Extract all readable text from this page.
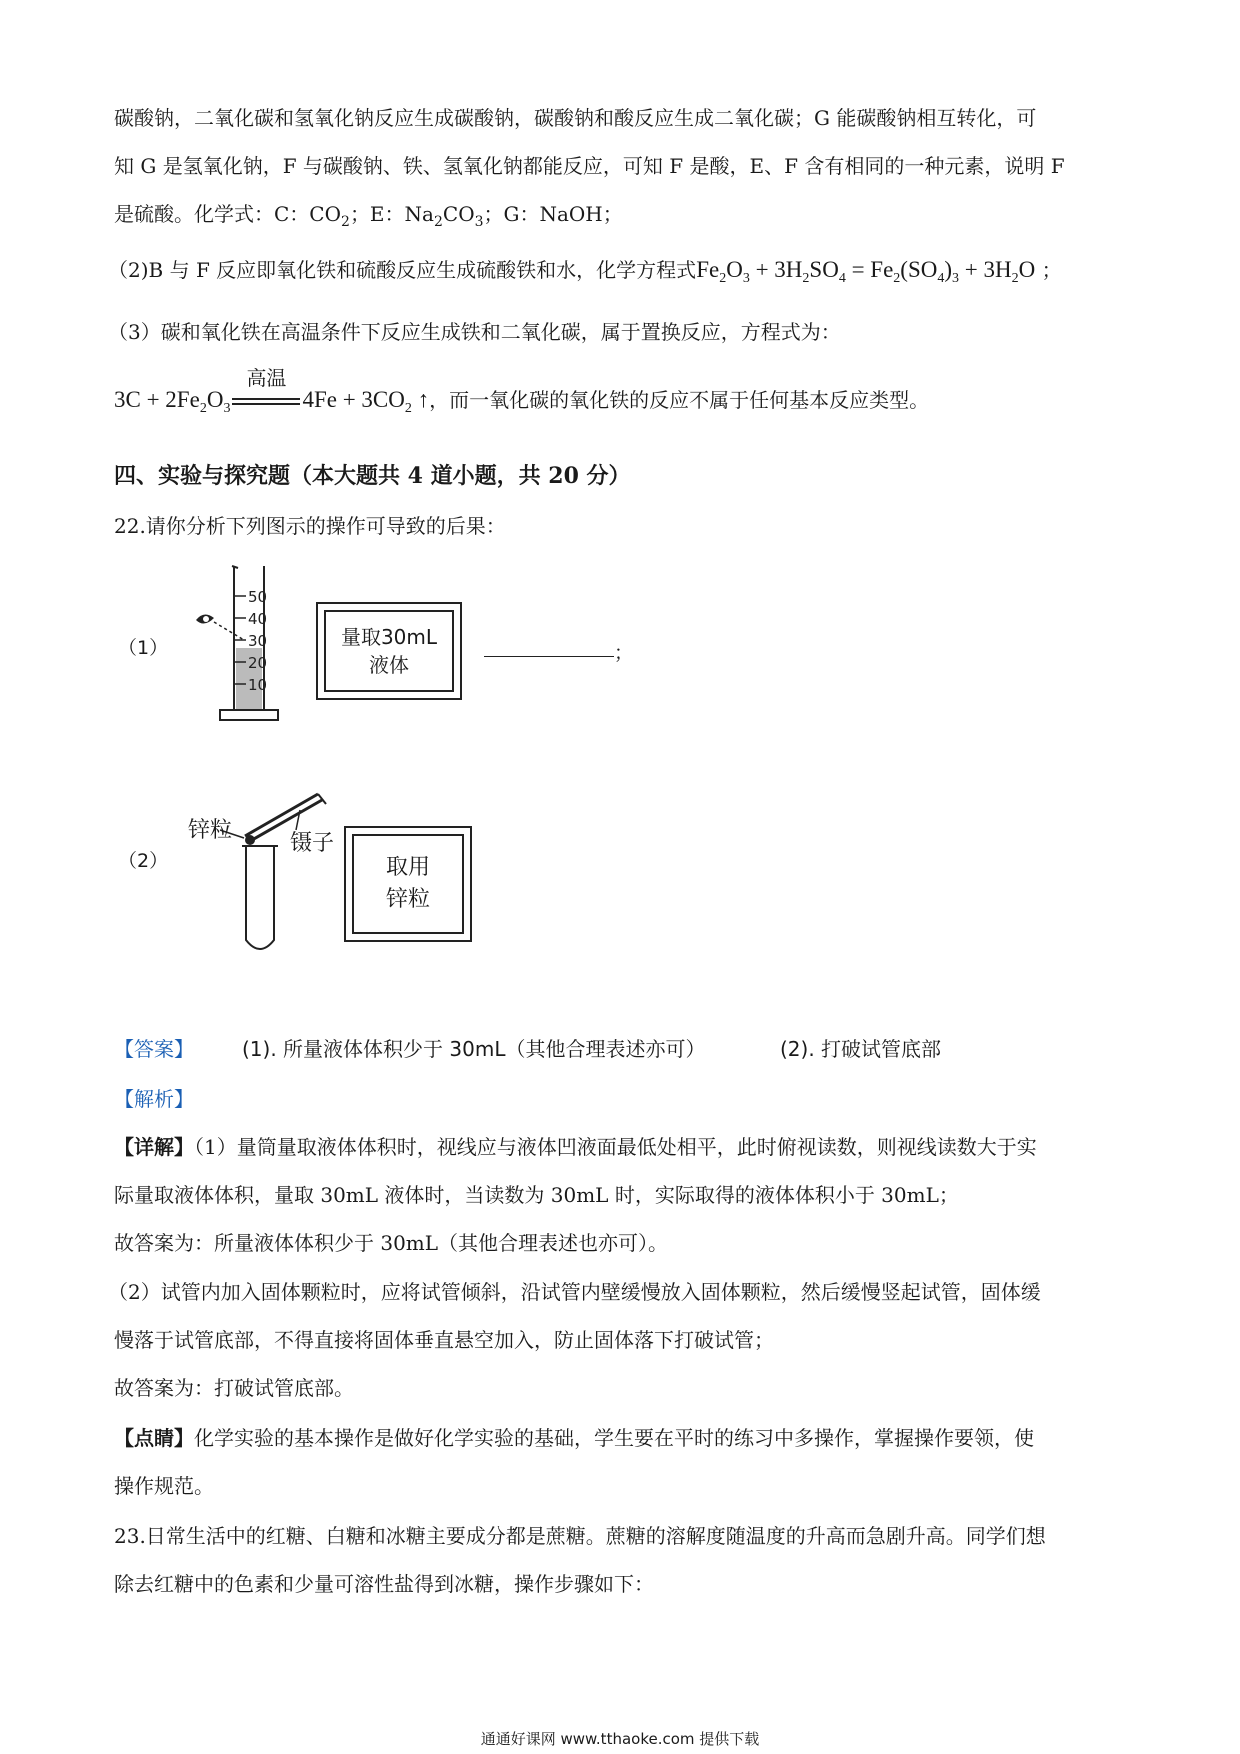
碳酸钠，二氧化碳和氢氧化钠反应生成碳酸钠，碳酸钠和酸反应生成二氧化碳；G 能碳酸钠相互转化，可
知 G 是氢氧化钠，F 与碳酸钠、铁、氢氧化钠都能反应，可知 F 是酸，E、F 含有相同的一种元素，说明 F
是硫酸。化学式：C：$CO_2$；E：$Na_2CO_3$；G：NaOH；
（2)B 与 F 反应即氧化铁和硫酸反应生成硫酸铁和水，化学方程式$Fe_2O_3 + 3H_2SO_4 = Fe_2(SO_4)_3 + 3H_2O$ ；
（3）碳和氧化铁在高温条件下反应生成铁和二氧化碳，属于置换反应，方程式为：
$3C + 2Fe_2O_3$
高温
$4Fe + 3CO_2$ ↑，而一氧化碳的氧化铁的反应不属于任何基本反应类型。
四、实验与探究题（本大题共 4 道小题，共 20 分）
22.请你分析下列图示的操作可导致的后果：
（1）
50
40
30
20
10
量取30mL
液体	；
（2）
锌粒
镊子
取用
锌粒
【答案】 (1). 所量液体体积少于 30mL（其他合理表述亦可）	(2). 打破试管底部
【解析】
【详解】（1）量筒量取液体体积时，视线应与液体凹液面最低处相平，此时俯视读数，则视线读数大于实
际量取液体体积，量取 30mL 液体时，当读数为 30mL 时，实际取得的液体体积小于 30mL；
故答案为：所量液体体积少于 30mL（其他合理表述也亦可）。
（2）试管内加入固体颗粒时，应将试管倾斜，沿试管内壁缓慢放入固体颗粒，然后缓慢竖起试管，固体缓
慢落于试管底部，不得直接将固体垂直悬空加入，防止固体落下打破试管；
故答案为：打破试管底部。
【点睛】化学实验的基本操作是做好化学实验的基础，学生要在平时的练习中多操作，掌握操作要领，使
操作规范。
23.日常生活中的红糖、白糖和冰糖主要成分都是蔗糖。蔗糖的溶解度随温度的升高而急剧升高。同学们想
除去红糖中的色素和少量可溶性盐得到冰糖，操作步骤如下：
通通好课网 www.tthaoke.com 提供下载
